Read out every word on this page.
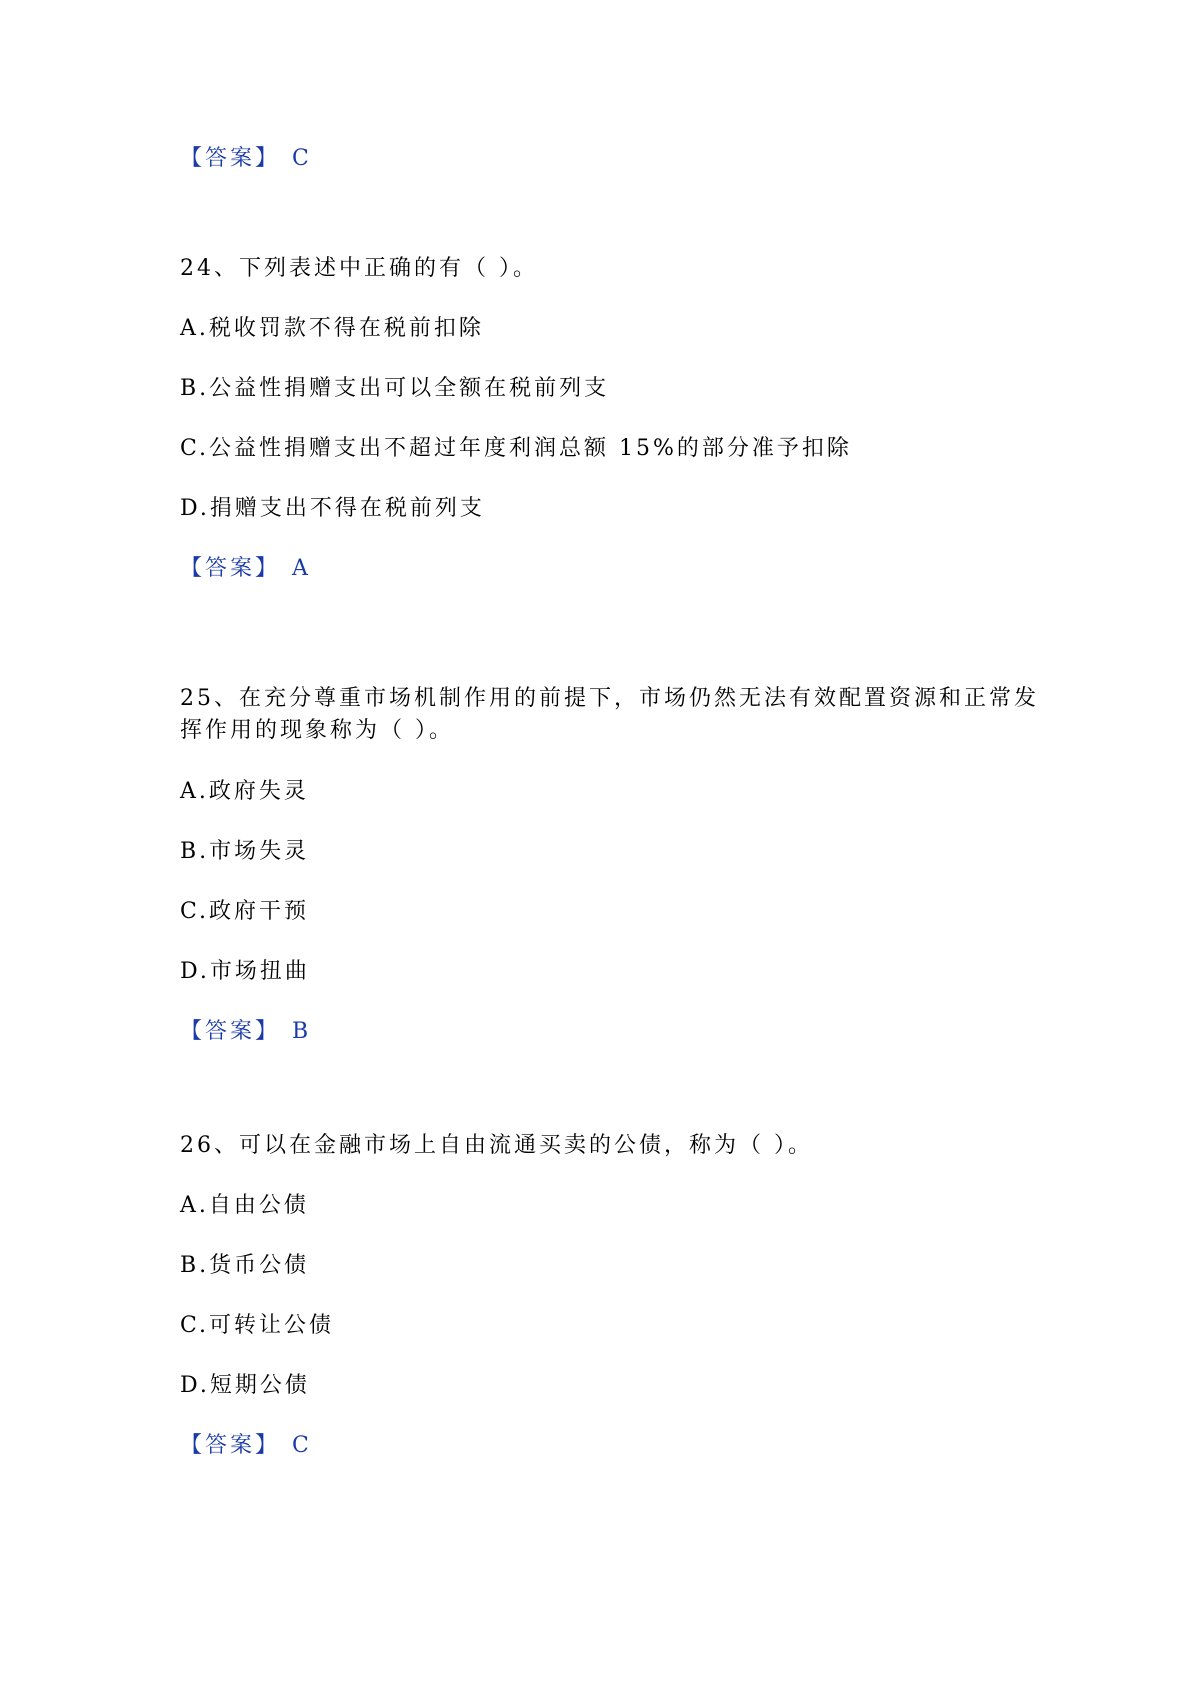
【答案】 C
24、下列表述中正确的有（ ）。
A.税收罚款不得在税前扣除
B.公益性捐赠支出可以全额在税前列支
C.公益性捐赠支出不超过年度利润总额 15%的部分准予扣除
D.捐赠支出不得在税前列支
【答案】 A
25、在充分尊重市场机制作用的前提下，市场仍然无法有效配置资源和正常发
挥作用的现象称为（ ）。
A.政府失灵
B.市场失灵
C.政府干预
D.市场扭曲
【答案】 B
26、可以在金融市场上自由流通买卖的公债，称为（ ）。
A.自由公债
B.货币公债
C.可转让公债
D.短期公债
【答案】 C
